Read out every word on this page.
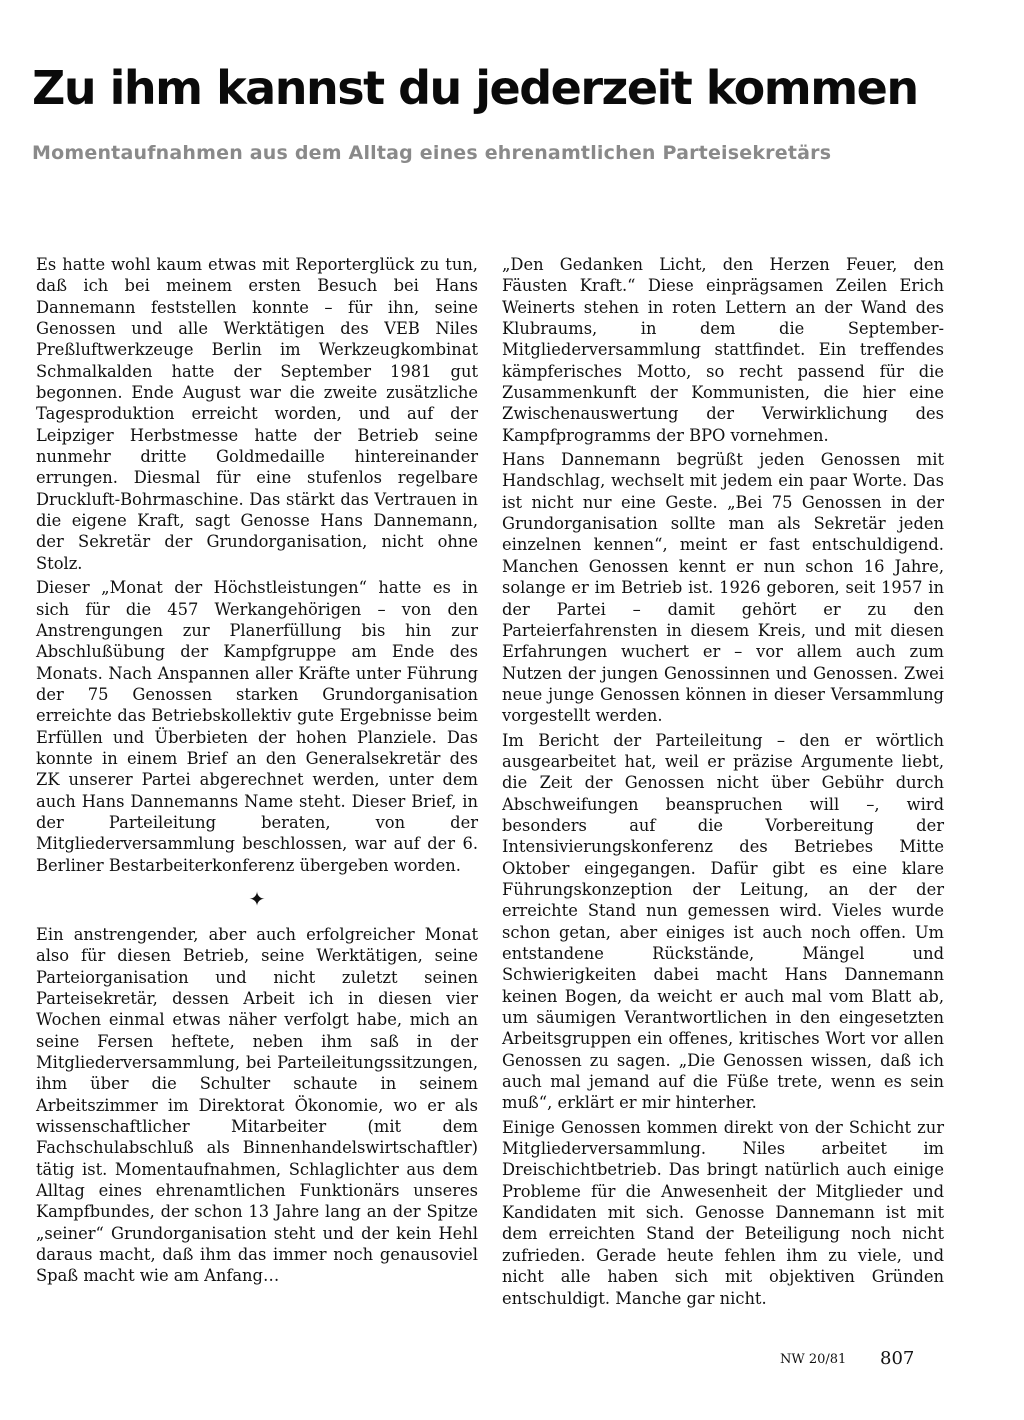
Zu ihm kannst du jederzeit kommen
Momentaufnahmen aus dem Alltag eines ehrenamtlichen Parteisekretärs

Es hatte wohl kaum etwas mit Reporterglück zu tun, daß ich bei meinem ersten Besuch bei Hans Dannemann feststellen konnte – für ihn, seine Genossen und alle Werktätigen des VEB Niles Preßluftwerkzeuge Berlin im Werkzeugkombinat Schmalkalden hatte der September 1981 gut begonnen. Ende August war die zweite zusätzliche Tagesproduktion erreicht worden, und auf der Leipziger Herbstmesse hatte der Betrieb seine nunmehr dritte Goldmedaille hintereinander errungen. Diesmal für eine stufenlos regelbare Druckluft-Bohrmaschine. Das stärkt das Vertrauen in die eigene Kraft, sagt Genosse Hans Dannemann, der Sekretär der Grundorganisation, nicht ohne Stolz.

Dieser „Monat der Höchstleistungen“ hatte es in sich für die 457 Werkangehörigen – von den Anstrengungen zur Planerfüllung bis hin zur Abschlußübung der Kampfgruppe am Ende des Monats. Nach Anspannen aller Kräfte unter Führung der 75 Genossen starken Grundorganisation erreichte das Betriebskollektiv gute Ergebnisse beim Erfüllen und Überbieten der hohen Planziele. Das konnte in einem Brief an den Generalsekretär des ZK unserer Partei abgerechnet werden, unter dem auch Hans Dannemanns Name steht. Dieser Brief, in der Parteileitung beraten, von der Mitgliederversammlung beschlossen, war auf der 6. Berliner Bestarbeiterkonferenz übergeben worden.

✦

Ein anstrengender, aber auch erfolgreicher Monat also für diesen Betrieb, seine Werktätigen, seine Parteiorganisation und nicht zuletzt seinen Parteisekretär, dessen Arbeit ich in diesen vier Wochen einmal etwas näher verfolgt habe, mich an seine Fersen heftete, neben ihm saß in der Mitgliederversammlung, bei Parteileitungssitzungen, ihm über die Schulter schaute in seinem Arbeitszimmer im Direktorat Ökonomie, wo er als wissenschaftlicher Mitarbeiter (mit dem Fachschulabschluß als Binnenhandelswirtschaftler) tätig ist. Momentaufnahmen, Schlaglichter aus dem Alltag eines ehrenamtlichen Funktionärs unseres Kampfbundes, der schon 13 Jahre lang an der Spitze „seiner“ Grundorganisation steht und der kein Hehl daraus macht, daß ihm das immer noch genausoviel Spaß macht wie am Anfang…

„Den Gedanken Licht, den Herzen Feuer, den Fäusten Kraft.“ Diese einprägsamen Zeilen Erich Weinerts stehen in roten Lettern an der Wand des Klubraums, in dem die September-Mitgliederversammlung stattfindet. Ein treffendes kämpferisches Motto, so recht passend für die Zusammenkunft der Kommunisten, die hier eine Zwischenauswertung der Verwirklichung des Kampfprogramms der BPO vornehmen.

Hans Dannemann begrüßt jeden Genossen mit Handschlag, wechselt mit jedem ein paar Worte. Das ist nicht nur eine Geste. „Bei 75 Genossen in der Grundorganisation sollte man als Sekretär jeden einzelnen kennen“, meint er fast entschuldigend. Manchen Genossen kennt er nun schon 16 Jahre, solange er im Betrieb ist. 1926 geboren, seit 1957 in der Partei – damit gehört er zu den Parteierfahrensten in diesem Kreis, und mit diesen Erfahrungen wuchert er – vor allem auch zum Nutzen der jungen Genossinnen und Genossen. Zwei neue junge Genossen können in dieser Versammlung vorgestellt werden.

Im Bericht der Parteileitung – den er wörtlich ausgearbeitet hat, weil er präzise Argumente liebt, die Zeit der Genossen nicht über Gebühr durch Abschweifungen beanspruchen will –, wird besonders auf die Vorbereitung der Intensivierungskonferenz des Betriebes Mitte Oktober eingegangen. Dafür gibt es eine klare Führungskonzeption der Leitung, an der der erreichte Stand nun gemessen wird. Vieles wurde schon getan, aber einiges ist auch noch offen. Um entstandene Rückstände, Mängel und Schwierigkeiten dabei macht Hans Dannemann keinen Bogen, da weicht er auch mal vom Blatt ab, um säumigen Verantwortlichen in den eingesetzten Arbeitsgruppen ein offenes, kritisches Wort vor allen Genossen zu sagen. „Die Genossen wissen, daß ich auch mal jemand auf die Füße trete, wenn es sein muß“, erklärt er mir hinterher.

Einige Genossen kommen direkt von der Schicht zur Mitgliederversammlung. Niles arbeitet im Dreischichtbetrieb. Das bringt natürlich auch einige Probleme für die Anwesenheit der Mitglieder und Kandidaten mit sich. Genosse Dannemann ist mit dem erreichten Stand der Beteiligung noch nicht zufrieden. Gerade heute fehlen ihm zu viele, und nicht alle haben sich mit objektiven Gründen entschuldigt. Manche gar nicht.

NW 20/81 807
